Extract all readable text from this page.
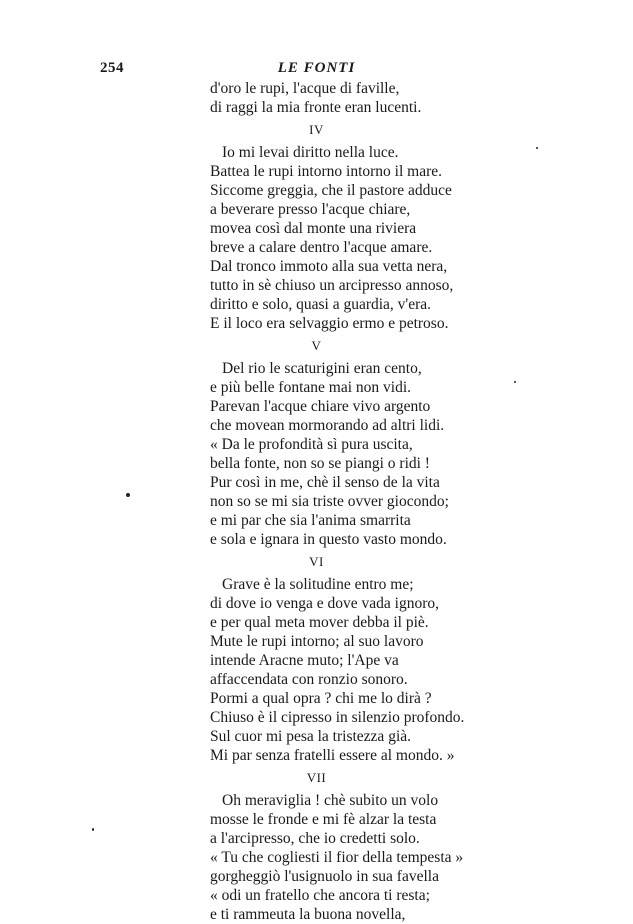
254	LE FONTI
d'oro le rupi, l'acque di faville,
di raggi la mia fronte eran lucenti.
IV
Io mi levai diritto nella luce.
Battea le rupi intorno intorno il mare.
Siccome greggia, che il pastore adduce
a beverare presso l'acque chiare,
movea così dal monte una riviera
breve a calare dentro l'acque amare.
Dal tronco immoto alla sua vetta nera,
tutto in sè chiuso un arcipresso annoso,
diritto e solo, quasi a guardia, v'era.
E il loco era selvaggio ermo e petroso.
V
Del rio le scaturigini eran cento,
e più belle fontane mai non vidi.
Parevan l'acque chiare vivo argento
che movean mormorando ad altri lidi.
« Da le profondità sì pura uscita,
bella fonte, non so se piangi o ridi !
Pur così in me, chè il senso de la vita
non so se mi sia triste ovver giocondo;
e mi par che sia l'anima smarrita
e sola e ignara in questo vasto mondo.
VI
Grave è la solitudine entro me;
di dove io venga e dove vada ignoro,
e per qual meta mover debba il piè.
Mute le rupi intorno; al suo lavoro
intende Aracne muto; l'Ape va
affaccendata con ronzio sonoro.
Pormi a qual opra ? chi me lo dirà ?
Chiuso è il cipresso in silenzio profondo.
Sul cuor mi pesa la tristezza già.
Mi par senza fratelli essere al mondo. »
VII
Oh meraviglia ! chè subito un volo
mosse le fronde e mi fè alzar la testa
a l'arcipresso, che io credetti solo.
« Tu che cogliesti il fior della tempesta »
gorgheggiò l'usignuolo in sua favella
« odi un fratello che ancora ti resta;
e ti rammeuta la buona novella,
